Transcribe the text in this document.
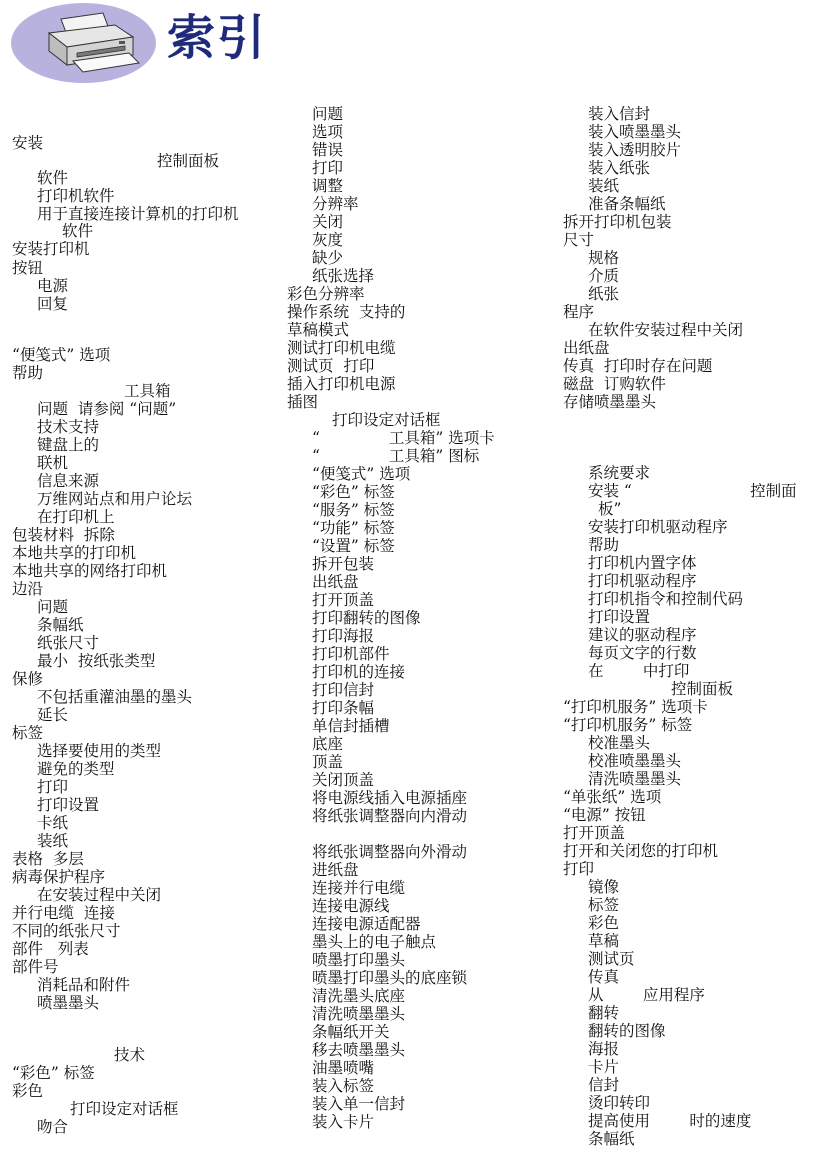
索引
安装
控制面板
软件
打印机软件
用于直接连接计算机的打印机
软件
安装打印机
按钮
电源
回复
“便笺式” 选项
帮助
工具箱
问题  请参阅 “问题”
技术支持
键盘上的
联机
信息来源
万维网站点和用户论坛
在打印机上
包装材料  拆除
本地共享的打印机
本地共享的网络打印机
边沿
问题
条幅纸
纸张尺寸
最小  按纸张类型
保修
不包括重灌油墨的墨头
延长
标签
选择要使用的类型
避免的类型
打印
打印设置
卡纸
装纸
表格  多层
病毒保护程序
在安装过程中关闭
并行电缆  连接
不同的纸张尺寸
部件   列表
部件号
消耗品和附件
喷墨墨头
技术
“彩色” 标签
彩色
打印设定对话框
吻合
问题
选项
错误
打印
调整
分辨率
关闭
灰度
缺少
纸张选择
彩色分辨率
操作系统  支持的
草稿模式
测试打印机电缆
测试页  打印
插入打印机电源
插图
打印设定对话框
“              工具箱” 选项卡
“              工具箱” 图标
“便笺式” 选项
“彩色” 标签
“服务” 标签
“功能” 标签
“设置” 标签
拆开包装
出纸盘
打开顶盖
打印翻转的图像
打印海报
打印机部件
打印机的连接
打印信封
打印条幅
单信封插槽
底座
顶盖
关闭顶盖
将电源线插入电源插座
将纸张调整器向内滑动
将纸张调整器向外滑动
进纸盘
连接并行电缆
连接电源线
连接电源适配器
墨头上的电子触点
喷墨打印墨头
喷墨打印墨头的底座锁
清洗墨头底座
清洗喷墨墨头
条幅纸开关
移去喷墨墨头
油墨喷嘴
装入标签
装入单一信封
装入卡片
装入信封
装入喷墨墨头
装入透明胶片
装入纸张
装纸
准备条幅纸
拆开打印机包装
尺寸
规格
介质
纸张
程序
在软件安装过程中关闭
出纸盘
传真  打印时存在问题
磁盘  订购软件
存储喷墨墨头
系统要求
安装 “                        控制面
板”
安装打印机驱动程序
帮助
打印机内置字体
打印机驱动程序
打印机指令和控制代码
打印设置
建议的驱动程序
每页文字的行数
在        中打印
控制面板
“打印机服务” 选项卡
“打印机服务” 标签
校准墨头
校准喷墨墨头
清洗喷墨墨头
“单张纸” 选项
“电源” 按钮
打开顶盖
打开和关闭您的打印机
打印
镜像
标签
彩色
草稿
测试页
传真
从        应用程序
翻转
翻转的图像
海报
卡片
信封
烫印转印
提高使用        时的速度
条幅纸
